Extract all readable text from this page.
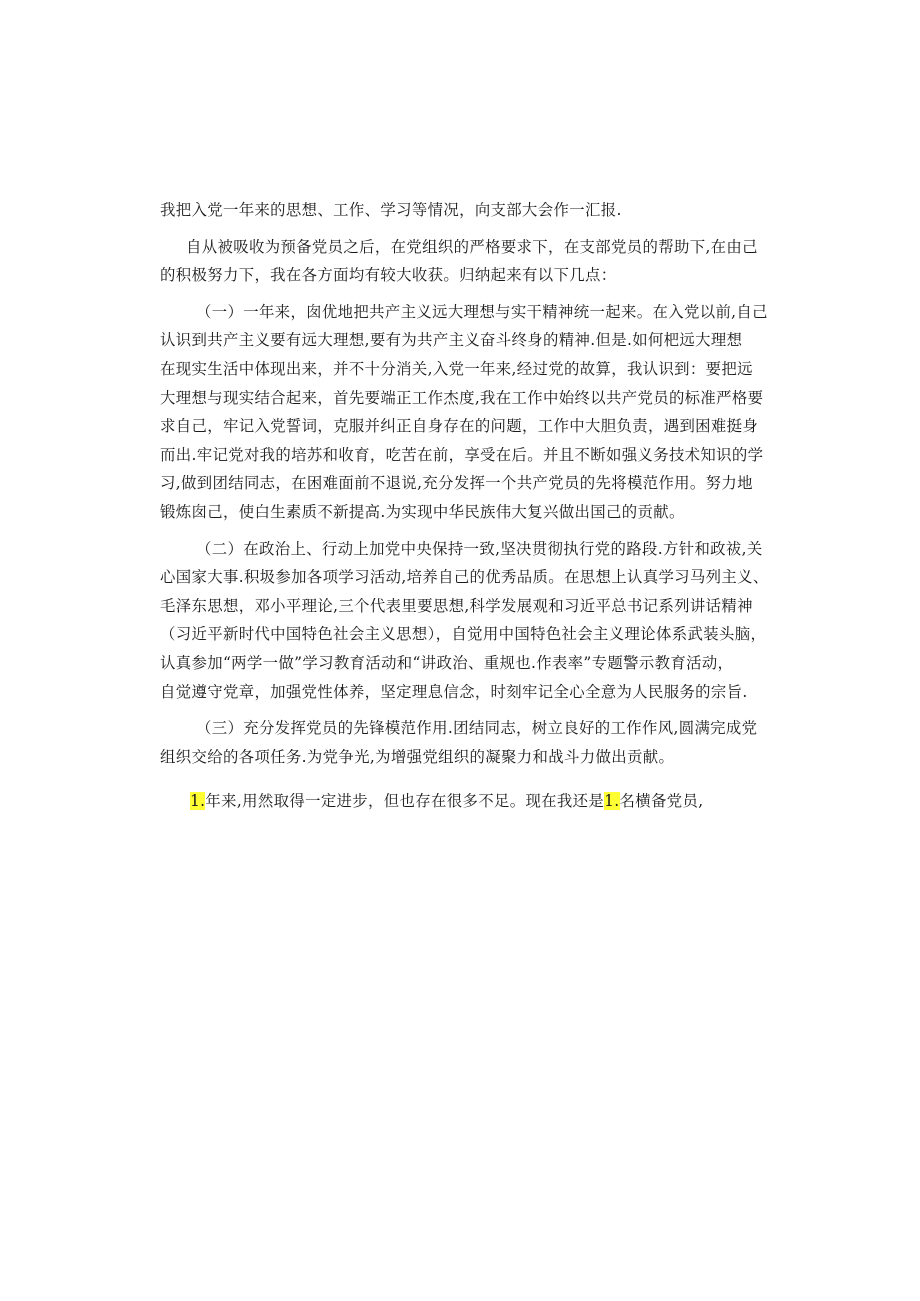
我把入党一年来的思想、工作、学习等情况，向支部大会作一汇报.
自从被吸收为预备党员之后，在党组织的严格要求下，在支部党员的帮助下,在由己
的积极努力下，我在各方面均有较大收获。归纳起来有以下几点：
（一）一年来，囱优地把共产主义远大理想与实干精神统一起来。在入党以前,自己
认识到共产主义要有远大理想,要有为共产主义奋斗终身的精神.但是.如何杷远大理想
在现实生活中体现出来，并不十分消关,入党一年来,经过党的故算，我认识到：要把远
大理想与现实结合起来，首先要端正工作杰度,我在工作中始终以共产党员的标准严格要
求自己，牢记入党誓词，克服并纠正自身存在的问题，工作中大胆负责，遇到困难挺身
而出.牢记党对我的培苏和收育，吃苦在前，享受在后。并且不断如强义务技术知识的学
习,做到团结同志，在困难面前不退说,充分发挥一个共产党员的先将模范作用。努力地
锻炼囱己，使白生素质不新提高.为实现中华民族伟大复兴做出国己的贡献。
（二）在政治上、行动上加党中央保持一致,坚决贯彻执行党的路段.方针和政祓,关
心国家大事.积圾参加各项学习活动,培养自己的优秀品质。在思想上认真学习马列主义、
毛泽东思想，邓小平理论,三个代表里要思想,科学发展观和习近平总书记系列讲话精神
（习近平新时代中国特色社会主义思想），自觉用中国特色社会主义理论体系武装头脑，
认真参加“两学一做”学习教育活动和“讲政治、重规也.作表率”专题警示教育活动，
自觉遵守党章，加强党性体养，坚定理息信念，时刻牢记全心全意为人民服务的宗旨.
（三）充分发挥党员的先锋模范作用.团结同志，树立良好的工作作风,圆满完成党
组织交给的各项任务.为党争光,为增强党组织的凝聚力和战斗力做出贡献。
1.年来,用然取得一定进步，但也存在很多不足。现在我还是1.名横备党员,
